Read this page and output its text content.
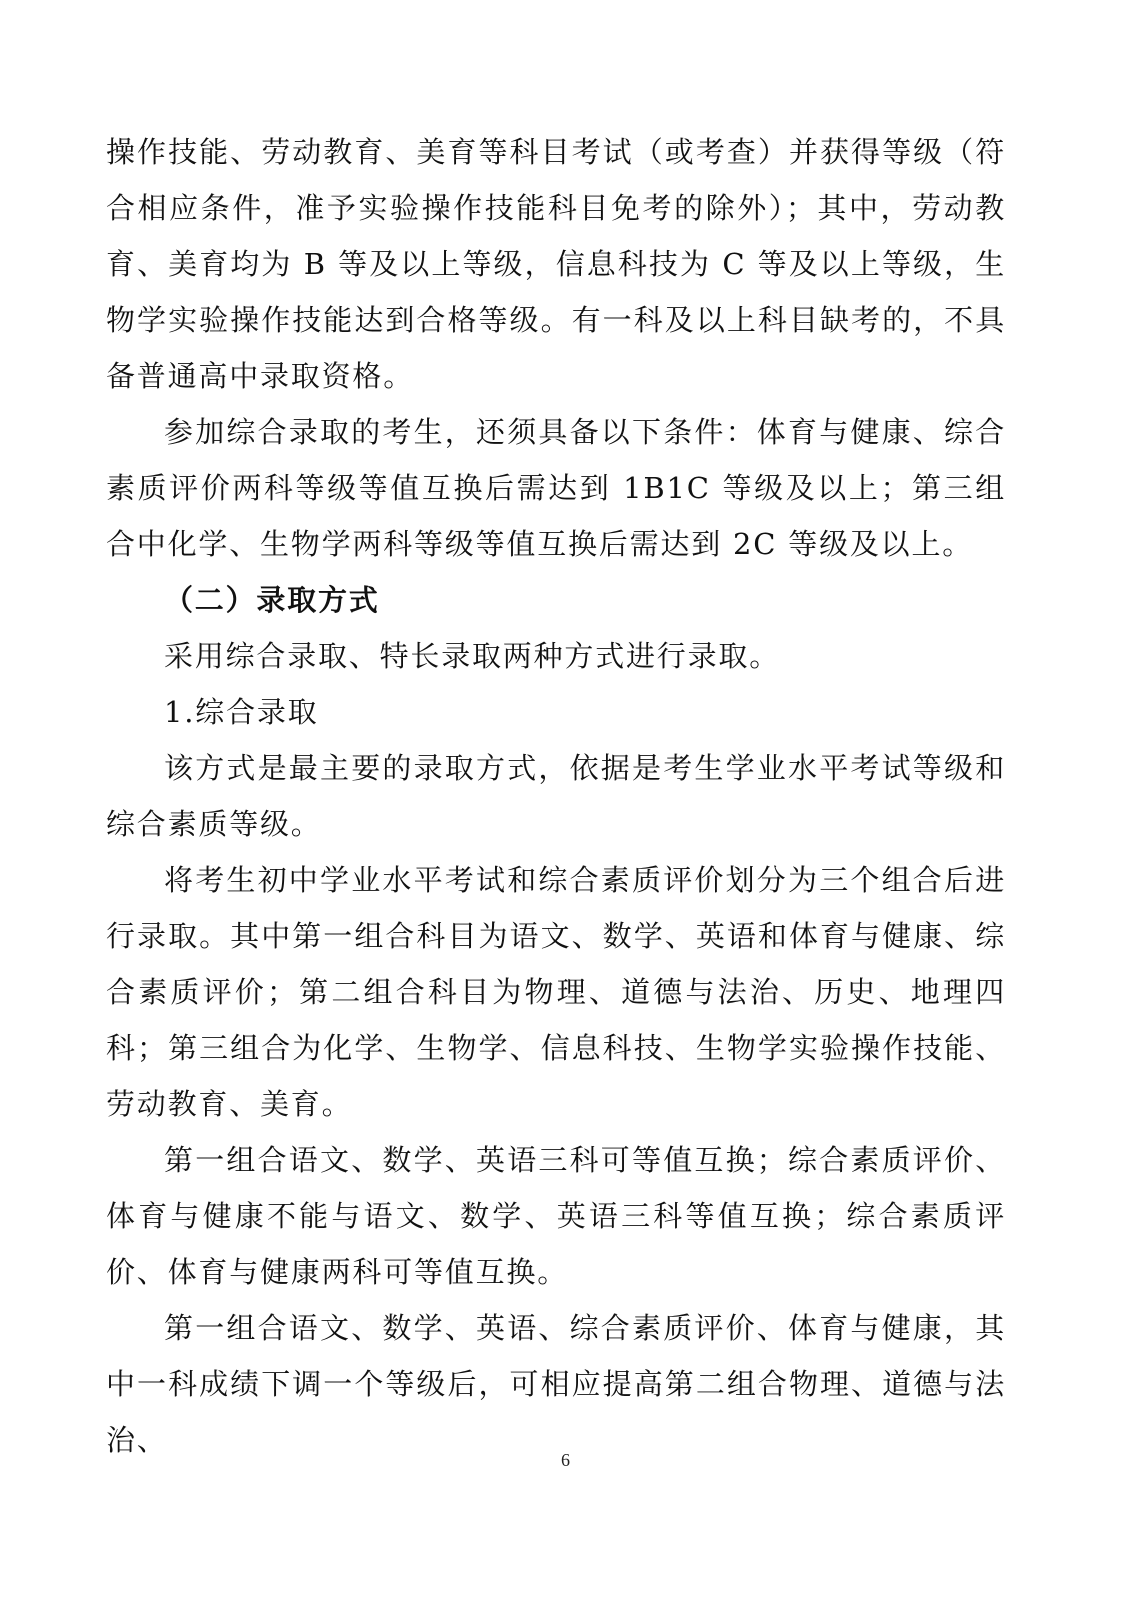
操作技能、劳动教育、美育等科目考试（或考查）并获得等级（符合相应条件，准予实验操作技能科目免考的除外）；其中，劳动教育、美育均为 B 等及以上等级，信息科技为 C 等及以上等级，生物学实验操作技能达到合格等级。有一科及以上科目缺考的，不具备普通高中录取资格。

参加综合录取的考生，还须具备以下条件：体育与健康、综合素质评价两科等级等值互换后需达到 1B1C 等级及以上；第三组合中化学、生物学两科等级等值互换后需达到 2C 等级及以上。

（二）录取方式

采用综合录取、特长录取两种方式进行录取。

1.综合录取

该方式是最主要的录取方式，依据是考生学业水平考试等级和综合素质等级。

将考生初中学业水平考试和综合素质评价划分为三个组合后进行录取。其中第一组合科目为语文、数学、英语和体育与健康、综合素质评价；第二组合科目为物理、道德与法治、历史、地理四科；第三组合为化学、生物学、信息科技、生物学实验操作技能、劳动教育、美育。

第一组合语文、数学、英语三科可等值互换；综合素质评价、体育与健康不能与语文、数学、英语三科等值互换；综合素质评价、体育与健康两科可等值互换。

第一组合语文、数学、英语、综合素质评价、体育与健康，其中一科成绩下调一个等级后，可相应提高第二组合物理、道德与法治、

6
